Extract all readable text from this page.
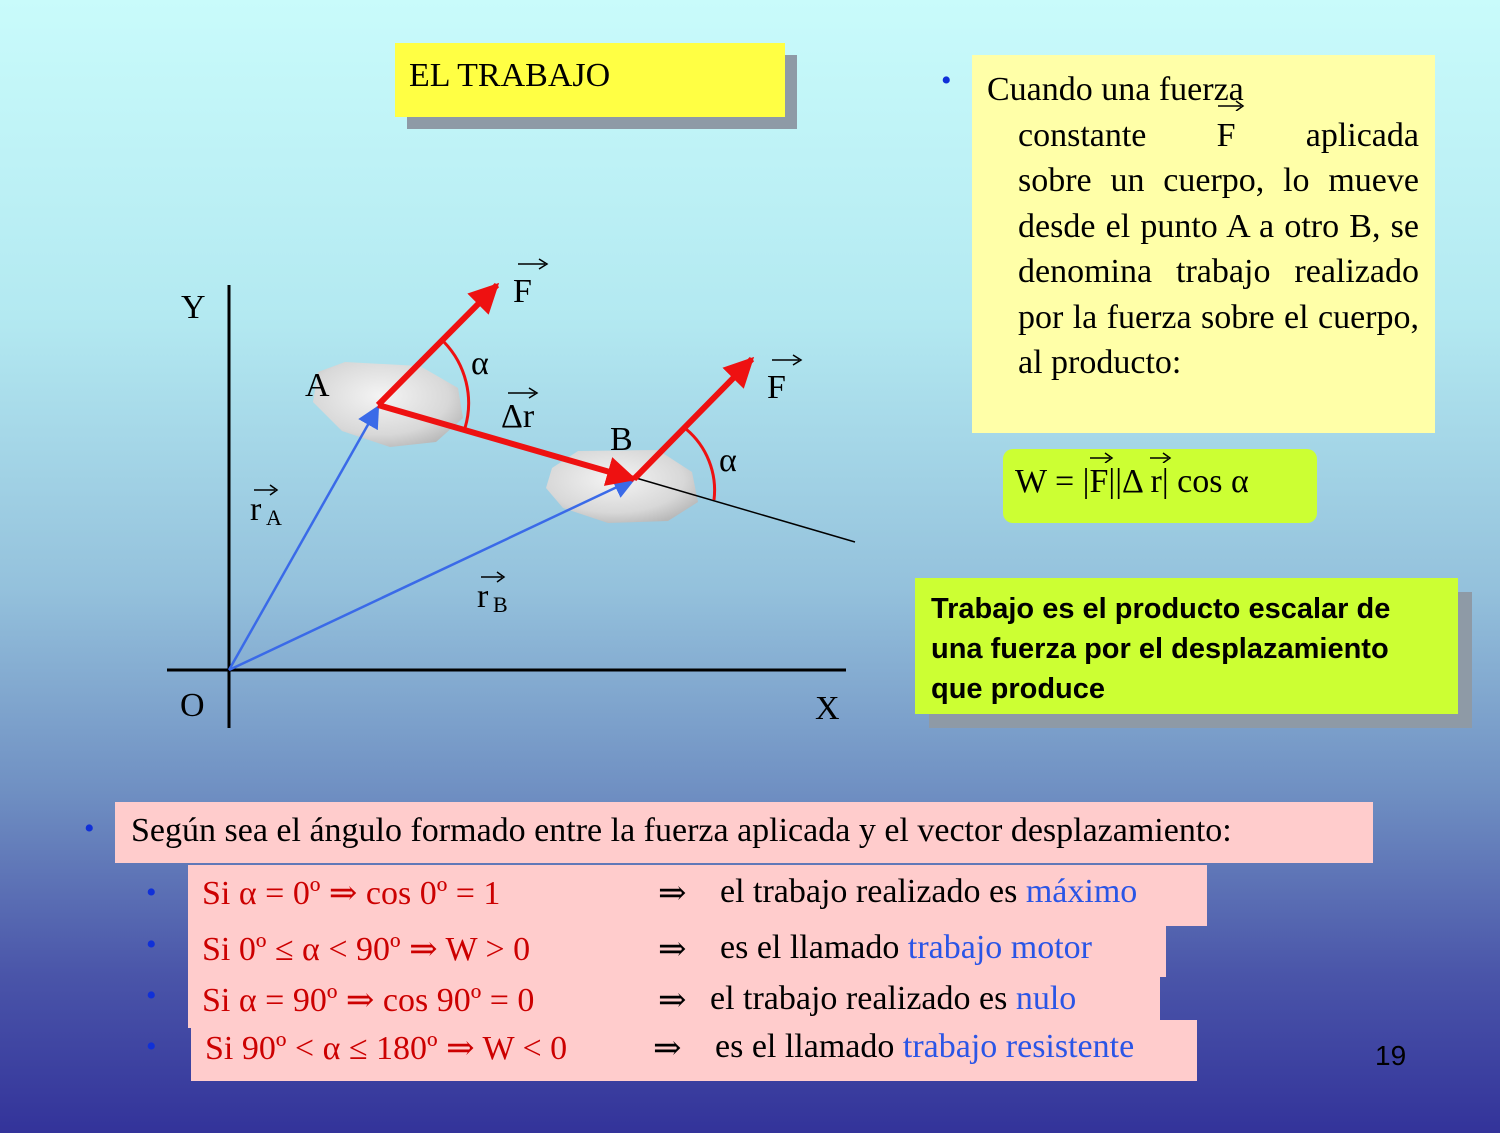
EL TRABAJO
Y
X
O
A
B
F
F
α
α
Δr
r A
r B
• Cuando una fuerza
constante F aplicada
sobre un cuerpo, lo mueve desde el punto A a otro B, se denomina trabajo realizado por la fuerza sobre el cuerpo, al producto:
W = |
F||Δ r| cos α
Trabajo es el producto escalar de una fuerza por el desplazamiento que produce
•	Según sea el ángulo formado entre la fuerza aplicada y el vector desplazamiento:
• Si α = 0º ⇒ cos 0º = 1	⇒ el trabajo realizado es máximo
• Si 0º ≤ α < 90º ⇒ W > 0	⇒ es el llamado trabajo motor
• Si α = 90º ⇒ cos 90º = 0	⇒ el trabajo realizado es nulo
• Si 90º < α ≤ 180º ⇒ W < 0	⇒ es el llamado trabajo resistente	19
